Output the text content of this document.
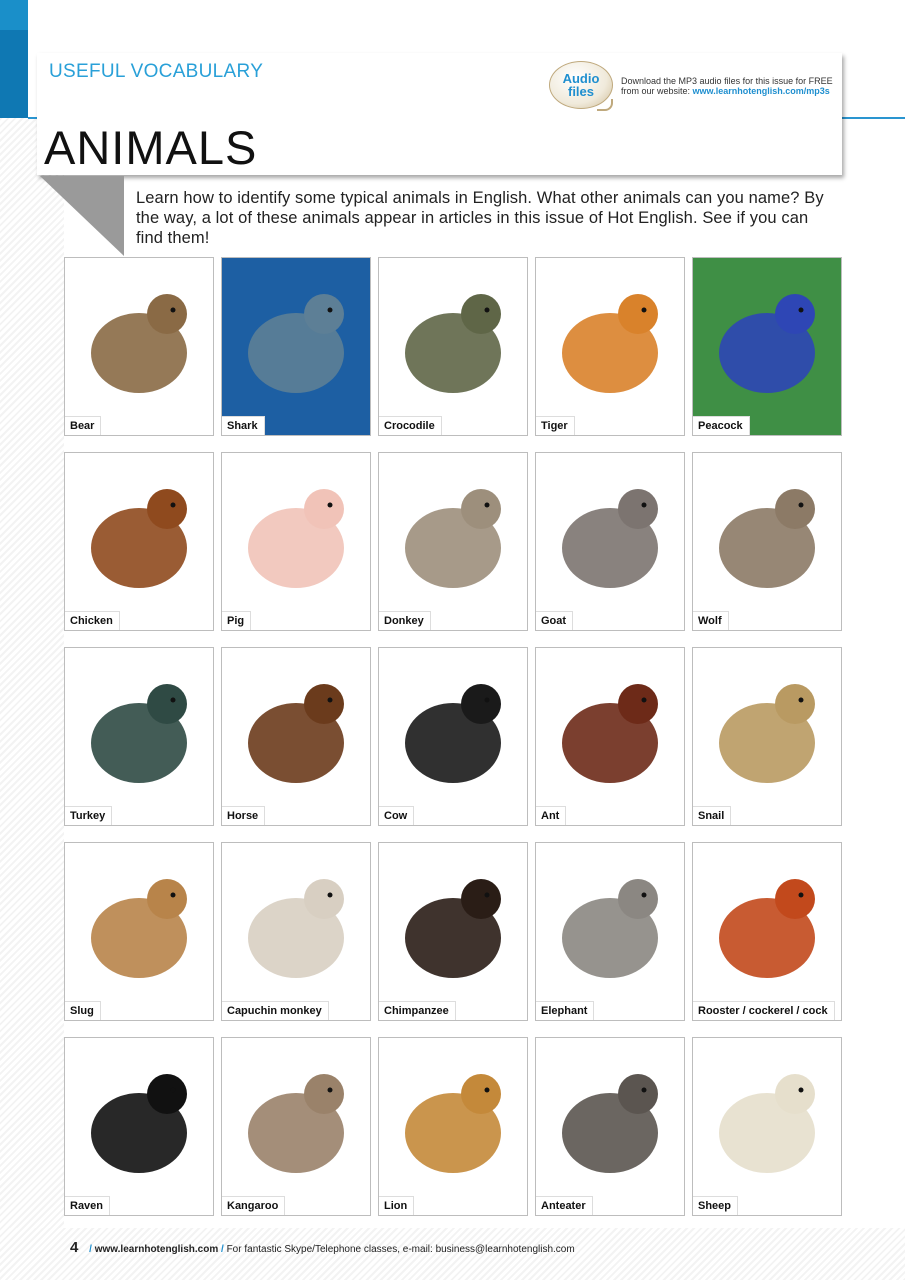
USEFUL VOCABULARY
ANIMALS
Audio
files
Download the MP3 audio files for this issue for FREE
from our website: www.learnhotenglish.com/mp3s
Learn how to identify some typical animals in English. What other animals can you name? By the way, a lot of these animals appear in articles in this issue of Hot English. See if you can find them!
Bear	Shark	Crocodile	Tiger	Peacock
Chicken	Pig	Donkey	Goat	Wolf
Turkey	Horse	Cow	Ant	Snail
Slug	Capuchin monkey	Chimpanzee	Elephant	Rooster / cockerel / cock
Raven	Kangaroo	Lion	Anteater	Sheep
4 / www.learnhotenglish.com / For fantastic Skype/Telephone classes, e-mail: business@learnhotenglish.com
